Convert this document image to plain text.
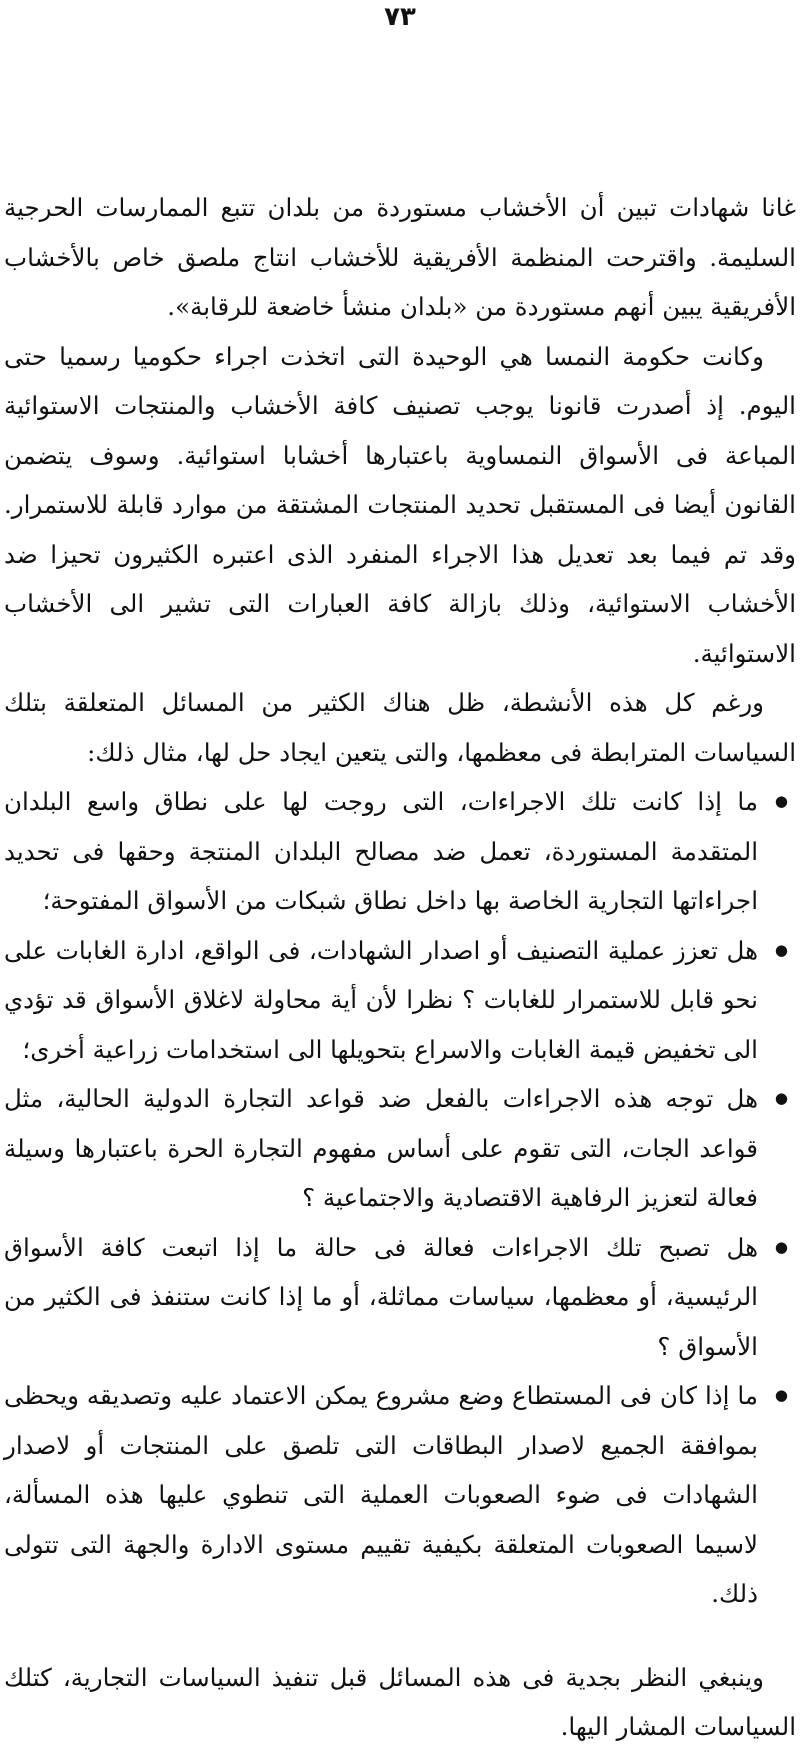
٧٣

غانا شهادات تبين أن الأخشاب مستوردة من بلدان تتبع الممارسات الحرجية السليمة. واقترحت المنظمة الأفريقية للأخشاب انتاج ملصق خاص بالأخشاب الأفريقية يبين أنهم مستوردة من «بلدان منشأ خاضعة للرقابة».

وكانت حكومة النمسا هي الوحيدة التى اتخذت اجراء حكوميا رسميا حتى اليوم. إذ أصدرت قانونا يوجب تصنيف كافة الأخشاب والمنتجات الاستوائية المباعة فى الأسواق النمساوية باعتبارها أخشابا استوائية. وسوف يتضمن القانون أيضا فى المستقبل تحديد المنتجات المشتقة من موارد قابلة للاستمرار. وقد تم فيما بعد تعديل هذا الاجراء المنفرد الذى اعتبره الكثيرون تحيزا ضد الأخشاب الاستوائية، وذلك بازالة كافة العبارات التى تشير الى الأخشاب الاستوائية.

ورغم كل هذه الأنشطة، ظل هناك الكثير من المسائل المتعلقة بتلك السياسات المترابطة فى معظمها، والتى يتعين ايجاد حل لها، مثال ذلك:

● ما إذا كانت تلك الاجراءات، التى روجت لها على نطاق واسع البلدان المتقدمة المستوردة، تعمل ضد مصالح البلدان المنتجة وحقها فى تحديد اجراءاتها التجارية الخاصة بها داخل نطاق شبكات من الأسواق المفتوحة؛
● هل تعزز عملية التصنيف أو اصدار الشهادات، فى الواقع، ادارة الغابات على نحو قابل للاستمرار للغابات ؟ نظرا لأن أية محاولة لاغلاق الأسواق قد تؤدي الى تخفيض قيمة الغابات والاسراع بتحويلها الى استخدامات زراعية أخرى؛
● هل توجه هذه الاجراءات بالفعل ضد قواعد التجارة الدولية الحالية، مثل قواعد الجات، التى تقوم على أساس مفهوم التجارة الحرة باعتبارها وسيلة فعالة لتعزيز الرفاهية الاقتصادية والاجتماعية ؟
● هل تصبح تلك الاجراءات فعالة فى حالة ما إذا اتبعت كافة الأسواق الرئيسية، أو معظمها، سياسات مماثلة، أو ما إذا كانت ستنفذ فى الكثير من الأسواق ؟
● ما إذا كان فى المستطاع وضع مشروع يمكن الاعتماد عليه وتصديقه ويحظى بموافقة الجميع لاصدار البطاقات التى تلصق على المنتجات أو لاصدار الشهادات فى ضوء الصعوبات العملية التى تنطوي عليها هذه المسألة، لاسيما الصعوبات المتعلقة بكيفية تقييم مستوى الادارة والجهة التى تتولى ذلك.

وينبغي النظر بجدية فى هذه المسائل قبل تنفيذ السياسات التجارية، كتلك السياسات المشار اليها.
